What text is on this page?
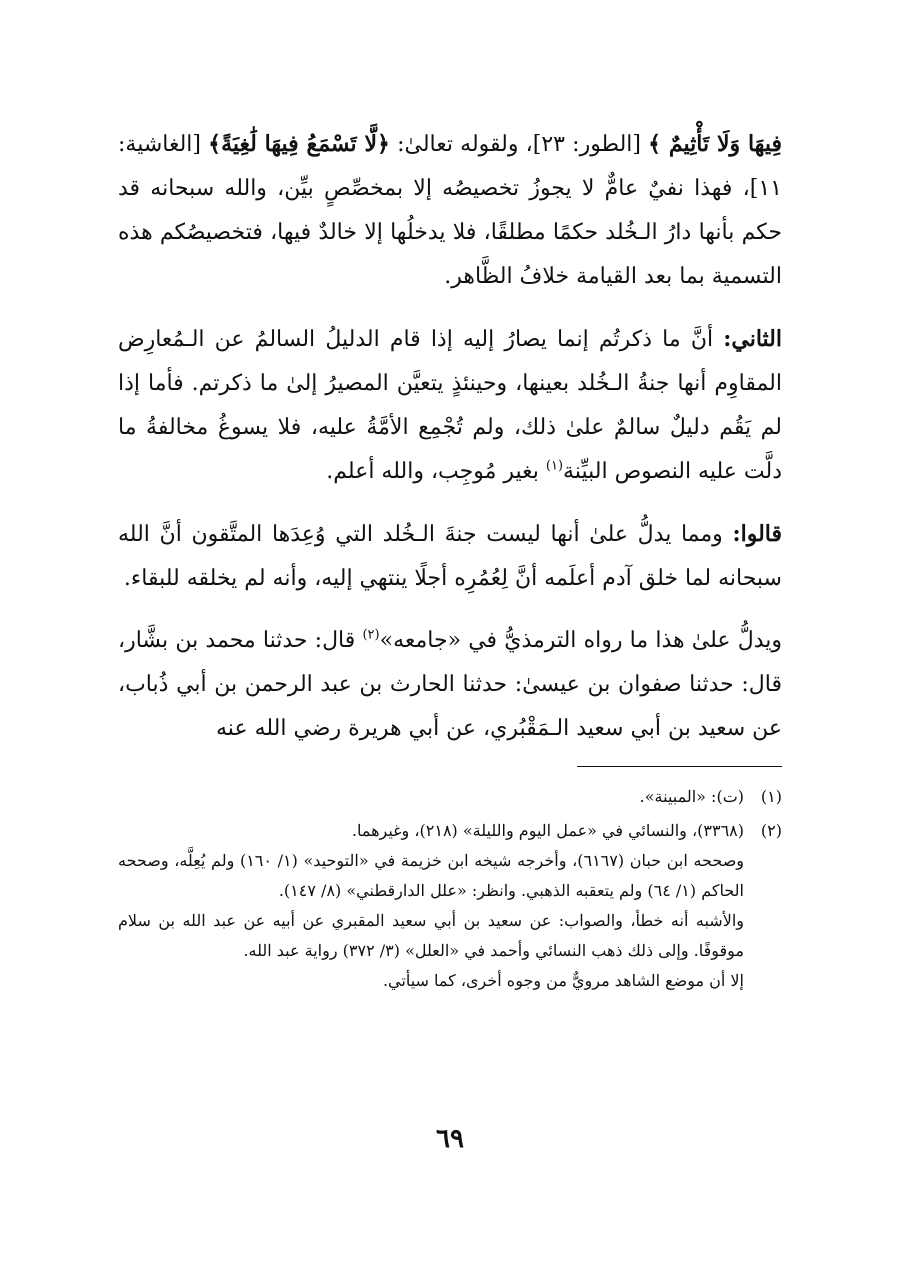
فِيهَا وَلَا تَأْثِيمٌ ﴾ [الطور: ٢٣]، ولقوله تعالىٰ: ﴿لَّا تَسْمَعُ فِيهَا لَٰغِيَةً﴾ [الغاشية: ١١]، فهذا نفيٌ عامٌّ لا يجوزُ تخصيصُه إلا بمخصِّصٍ بيِّن، والله سبحانه قد حكم بأنها دارُ الـخُلد حكمًا مطلقًا، فلا يدخلُها إلا خالدٌ فيها، فتخصيصُكم هذه التسمية بما بعد القيامة خلافُ الظَّاهر.

الثاني: أنَّ ما ذكرتُم إنما يصارُ إليه إذا قام الدليلُ السالمُ عن الـمُعارِض المقاوِم أنها جنةُ الـخُلد بعينها، وحينئذٍ يتعيَّن المصيرُ إلىٰ ما ذكرتم. فأما إذا لم يَقُم دليلٌ سالمٌ علىٰ ذلك، ولم تُجْمِع الأمَّةُ عليه، فلا يسوغُ مخالفةُ ما دلَّت عليه النصوص البيِّنة$^{(١)}$ بغير مُوجِب، والله أعلم.

قالوا: ومما يدلُّ علىٰ أنها ليست جنةَ الـخُلد التي وُعِدَها المتَّقون أنَّ الله سبحانه لما خلق آدم أعلَمه أنَّ لِعُمُرِه أجلًا ينتهي إليه، وأنه لم يخلقه للبقاء.

ويدلُّ علىٰ هذا ما رواه الترمذيُّ في «جامعه»$^{(٢)}$ قال: حدثنا محمد بن بشَّار، قال: حدثنا صفوان بن عيسىٰ: حدثنا الحارث بن عبد الرحمن بن أبي ذُباب، عن سعيد بن أبي سعيد الـمَقْبُري، عن أبي هريرة رضي الله عنه

(١)

(ت): «المبينة».

(٢)

(٣٣٦٨)، والنسائي في «عمل اليوم والليلة» (٢١٨)، وغيرهما.

وصححه ابن حبان (٦١٦٧)، وأخرجه شيخه ابن خزيمة في «التوحيد» (١/ ١٦٠) ولم يُعِلَّه، وصححه الحاكم (١/ ٦٤) ولم يتعقبه الذهبي. وانظر: «علل الدارقطني» (٨/ ١٤٧).

والأشبه أنه خطأ، والصواب: عن سعيد بن أبي سعيد المقبري عن أبيه عن عبد الله بن سلام موقوفًا. وإلى ذلك ذهب النسائي وأحمد في «العلل» (٣/ ٣٧٢) رواية عبد الله.

إلا أن موضع الشاهد مرويٌّ من وجوه أخرى، كما سيأتي.

٦٩
